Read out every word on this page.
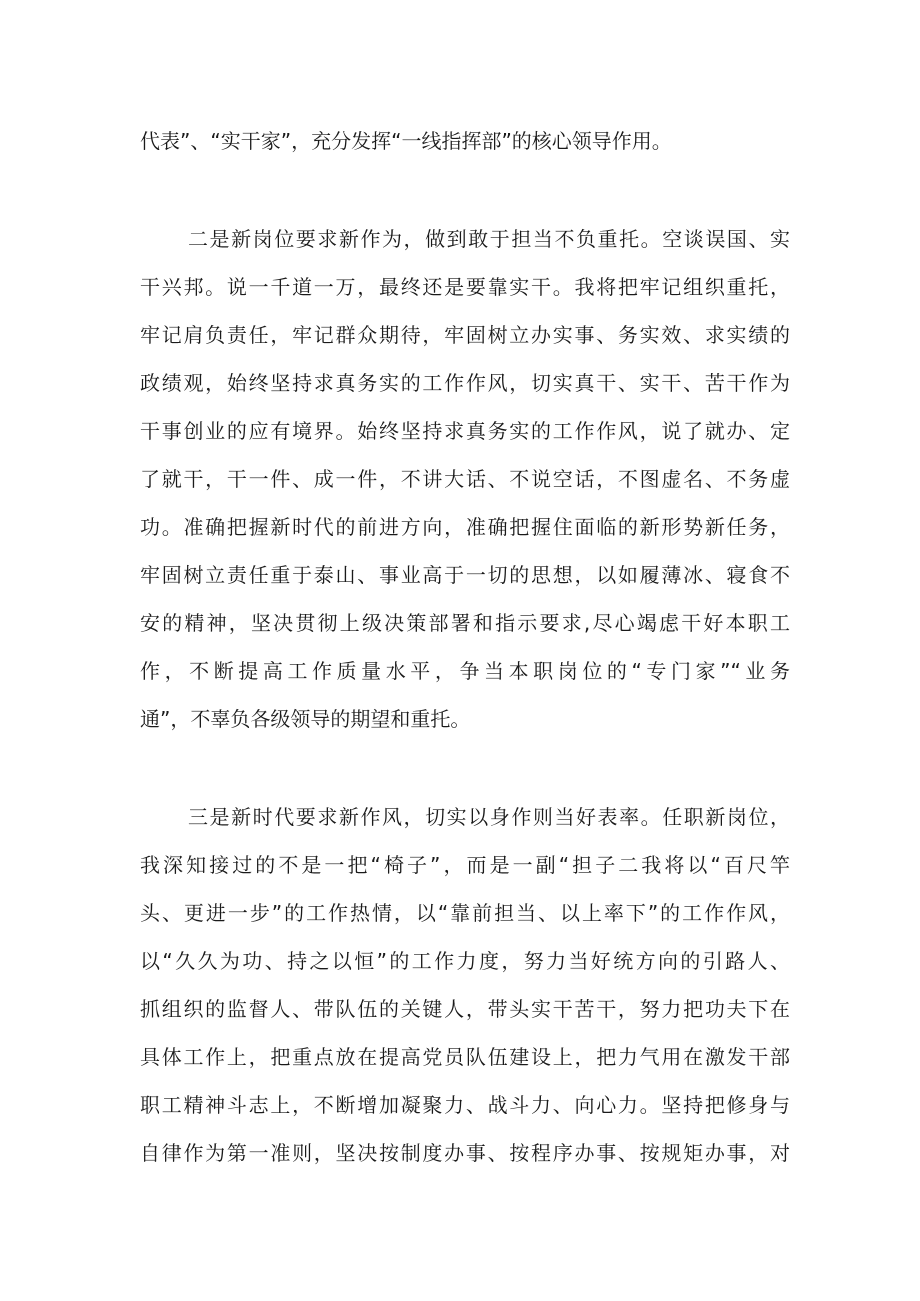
代表”、“实干家”，充分发挥“一线指挥部”的核心领导作用。

二是新岗位要求新作为，做到敢于担当不负重托。空谈误国、实

干兴邦。说一千道一万，最终还是要靠实干。我将把牢记组织重托，

牢记肩负责任，牢记群众期待，牢固树立办实事、务实效、求实绩的

政绩观，始终坚持求真务实的工作作风，切实真干、实干、苦干作为

干事创业的应有境界。始终坚持求真务实的工作作风，说了就办、定

了就干，干一件、成一件，不讲大话、不说空话，不图虚名、不务虚

功。准确把握新时代的前进方向，准确把握住面临的新形势新任务，

牢固树立责任重于泰山、事业高于一切的思想，以如履薄冰、寝食不

安的精神，坚决贯彻上级决策部署和指示要求,尽心竭虑干好本职工

作，不断提高工作质量水平，争当本职岗位的“专门家”“业务

通”，不辜负各级领导的期望和重托。

三是新时代要求新作风，切实以身作则当好表率。任职新岗位，

我深知接过的不是一把“椅子”，而是一副“担子二我将以“百尺竿

头、更进一步”的工作热情，以“靠前担当、以上率下”的工作作风，

以“久久为功、持之以恒”的工作力度，努力当好统方向的引路人、

抓组织的监督人、带队伍的关键人，带头实干苦干，努力把功夫下在

具体工作上，把重点放在提高党员队伍建设上，把力气用在激发干部

职工精神斗志上，不断增加凝聚力、战斗力、向心力。坚持把修身与

自律作为第一准则，坚决按制度办事、按程序办事、按规矩办事，对
